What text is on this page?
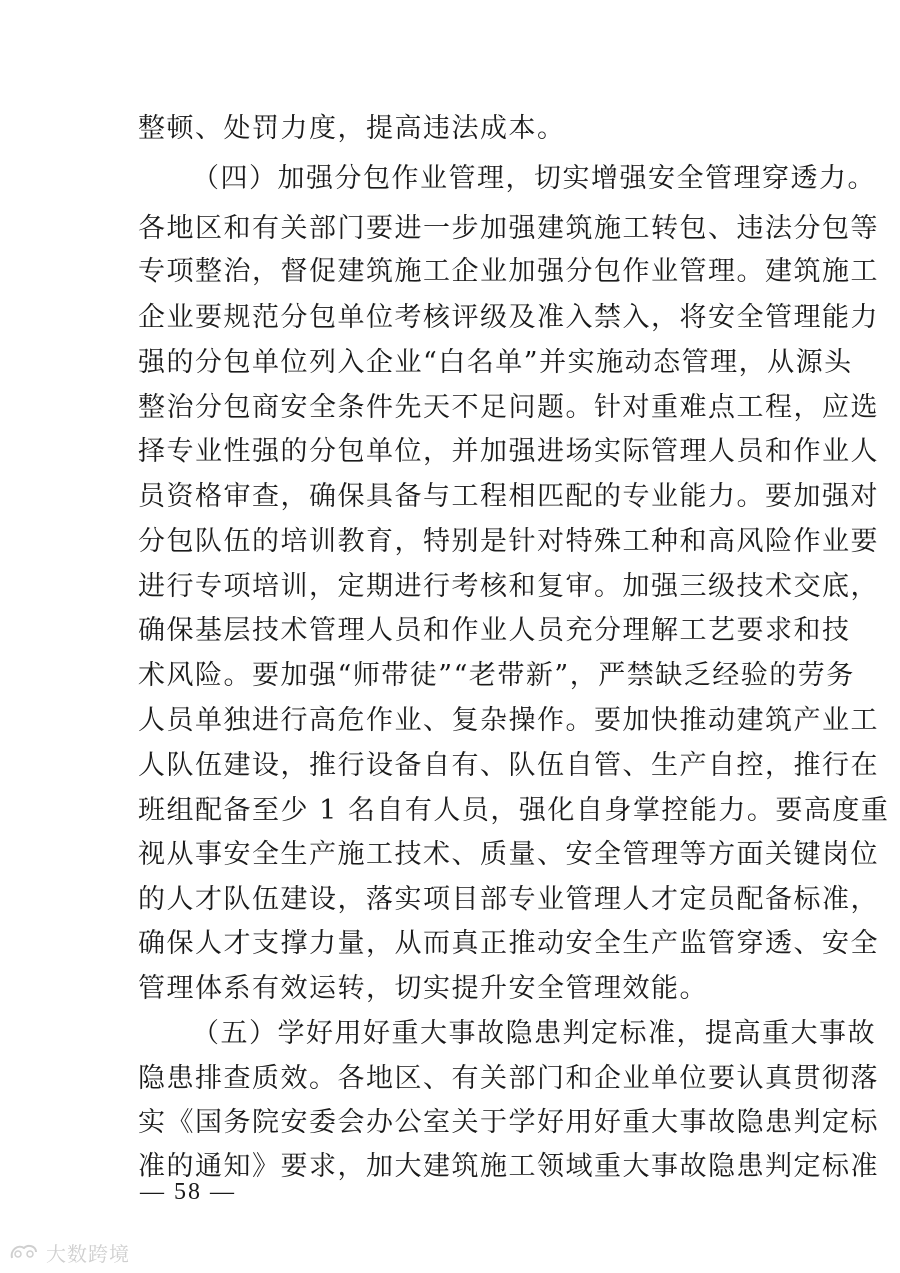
整顿、处罚力度，提高违法成本。
（四）加强分包作业管理，切实增强安全管理穿透力。
各地区和有关部门要进一步加强建筑施工转包、违法分包等
专项整治，督促建筑施工企业加强分包作业管理。建筑施工
企业要规范分包单位考核评级及准入禁入，将安全管理能力
强的分包单位列入企业“白名单”并实施动态管理，从源头
整治分包商安全条件先天不足问题。针对重难点工程，应选
择专业性强的分包单位，并加强进场实际管理人员和作业人
员资格审查，确保具备与工程相匹配的专业能力。要加强对
分包队伍的培训教育，特别是针对特殊工种和高风险作业要
进行专项培训，定期进行考核和复审。加强三级技术交底，
确保基层技术管理人员和作业人员充分理解工艺要求和技
术风险。要加强“师带徒”“老带新”，严禁缺乏经验的劳务
人员单独进行高危作业、复杂操作。要加快推动建筑产业工
人队伍建设，推行设备自有、队伍自管、生产自控，推行在
班组配备至少 1 名自有人员，强化自身掌控能力。要高度重
视从事安全生产施工技术、质量、安全管理等方面关键岗位
的人才队伍建设，落实项目部专业管理人才定员配备标准，
确保人才支撑力量，从而真正推动安全生产监管穿透、安全
管理体系有效运转，切实提升安全管理效能。
（五）学好用好重大事故隐患判定标准，提高重大事故
隐患排查质效。各地区、有关部门和企业单位要认真贯彻落
实《国务院安委会办公室关于学好用好重大事故隐患判定标
准的通知》要求，加大建筑施工领域重大事故隐患判定标准
— 58 —
大数跨境
